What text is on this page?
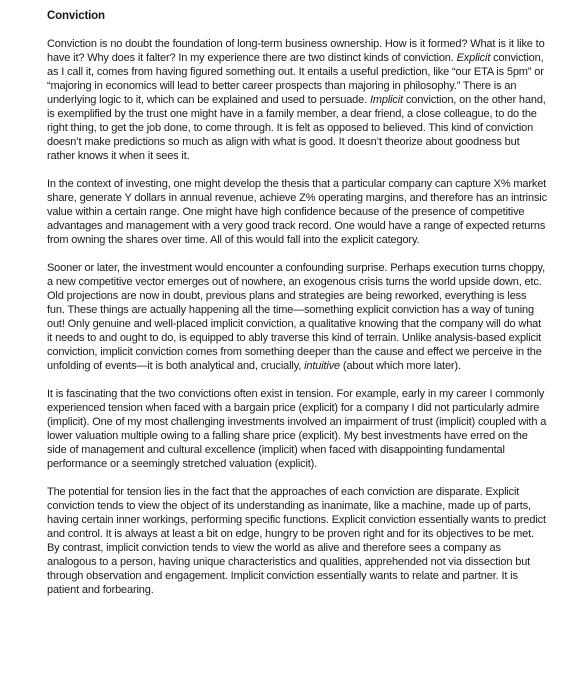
Conviction

Conviction is no doubt the foundation of long-term business ownership. How is it formed? What is it like to have it? Why does it falter? In my experience there are two distinct kinds of conviction. Explicit conviction, as I call it, comes from having figured something out. It entails a useful prediction, like “our ETA is 5pm” or “majoring in economics will lead to better career prospects than majoring in philosophy.” There is an underlying logic to it, which can be explained and used to persuade. Implicit conviction, on the other hand, is exemplified by the trust one might have in a family member, a dear friend, a close colleague, to do the right thing, to get the job done, to come through. It is felt as opposed to believed. This kind of conviction doesn’t make predictions so much as align with what is good. It doesn’t theorize about goodness but rather knows it when it sees it.

In the context of investing, one might develop the thesis that a particular company can capture X% market share, generate Y dollars in annual revenue, achieve Z% operating margins, and therefore has an intrinsic value within a certain range. One might have high confidence because of the presence of competitive advantages and management with a very good track record. One would have a range of expected returns from owning the shares over time. All of this would fall into the explicit category.

Sooner or later, the investment would encounter a confounding surprise. Perhaps execution turns choppy, a new competitive vector emerges out of nowhere, an exogenous crisis turns the world upside down, etc. Old projections are now in doubt, previous plans and strategies are being reworked, everything is less fun. These things are actually happening all the time—something explicit conviction has a way of tuning out! Only genuine and well-placed implicit conviction, a qualitative knowing that the company will do what it needs to and ought to do, is equipped to ably traverse this kind of terrain. Unlike analysis-based explicit conviction, implicit conviction comes from something deeper than the cause and effect we perceive in the unfolding of events—it is both analytical and, crucially, intuitive (about which more later).

It is fascinating that the two convictions often exist in tension. For example, early in my career I commonly experienced tension when faced with a bargain price (explicit) for a company I did not particularly admire (implicit). One of my most challenging investments involved an impairment of trust (implicit) coupled with a lower valuation multiple owing to a falling share price (explicit). My best investments have erred on the side of management and cultural excellence (implicit) when faced with disappointing fundamental performance or a seemingly stretched valuation (explicit).

The potential for tension lies in the fact that the approaches of each conviction are disparate. Explicit conviction tends to view the object of its understanding as inanimate, like a machine, made up of parts, having certain inner workings, performing specific functions. Explicit conviction essentially wants to predict and control. It is always at least a bit on edge, hungry to be proven right and for its objectives to be met. By contrast, implicit conviction tends to view the world as alive and therefore sees a company as analogous to a person, having unique characteristics and qualities, apprehended not via dissection but through observation and engagement. Implicit conviction essentially wants to relate and partner. It is patient and forbearing.
